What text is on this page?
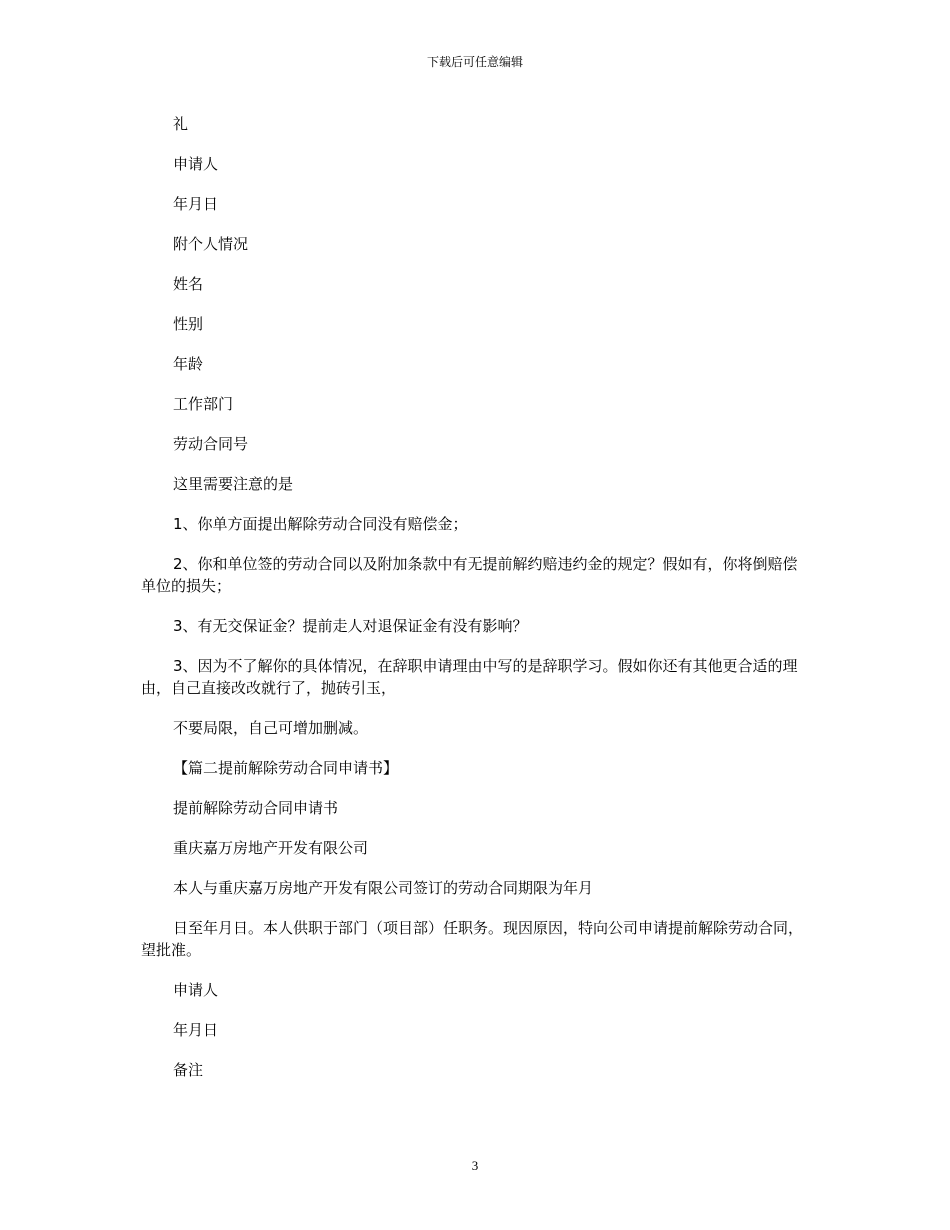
下载后可任意编辑

礼

申请人

年月日

附个人情况

姓名

性别

年龄

工作部门

劳动合同号

这里需要注意的是

1、你单方面提出解除劳动合同没有赔偿金；

2、你和单位签的劳动合同以及附加条款中有无提前解约赔违约金的规定？假如有，你将倒赔偿单位的损失；

3、有无交保证金？提前走人对退保证金有没有影响？

3、因为不了解你的具体情况，在辞职申请理由中写的是辞职学习。假如你还有其他更合适的理由，自己直接改改就行了，抛砖引玉，

不要局限，自己可增加删减。

【篇二提前解除劳动合同申请书】

提前解除劳动合同申请书

重庆嘉万房地产开发有限公司

本人与重庆嘉万房地产开发有限公司签订的劳动合同期限为年月

日至年月日。本人供职于部门（项目部）任职务。现因原因，特向公司申请提前解除劳动合同，望批准。

申请人

年月日

备注

3
